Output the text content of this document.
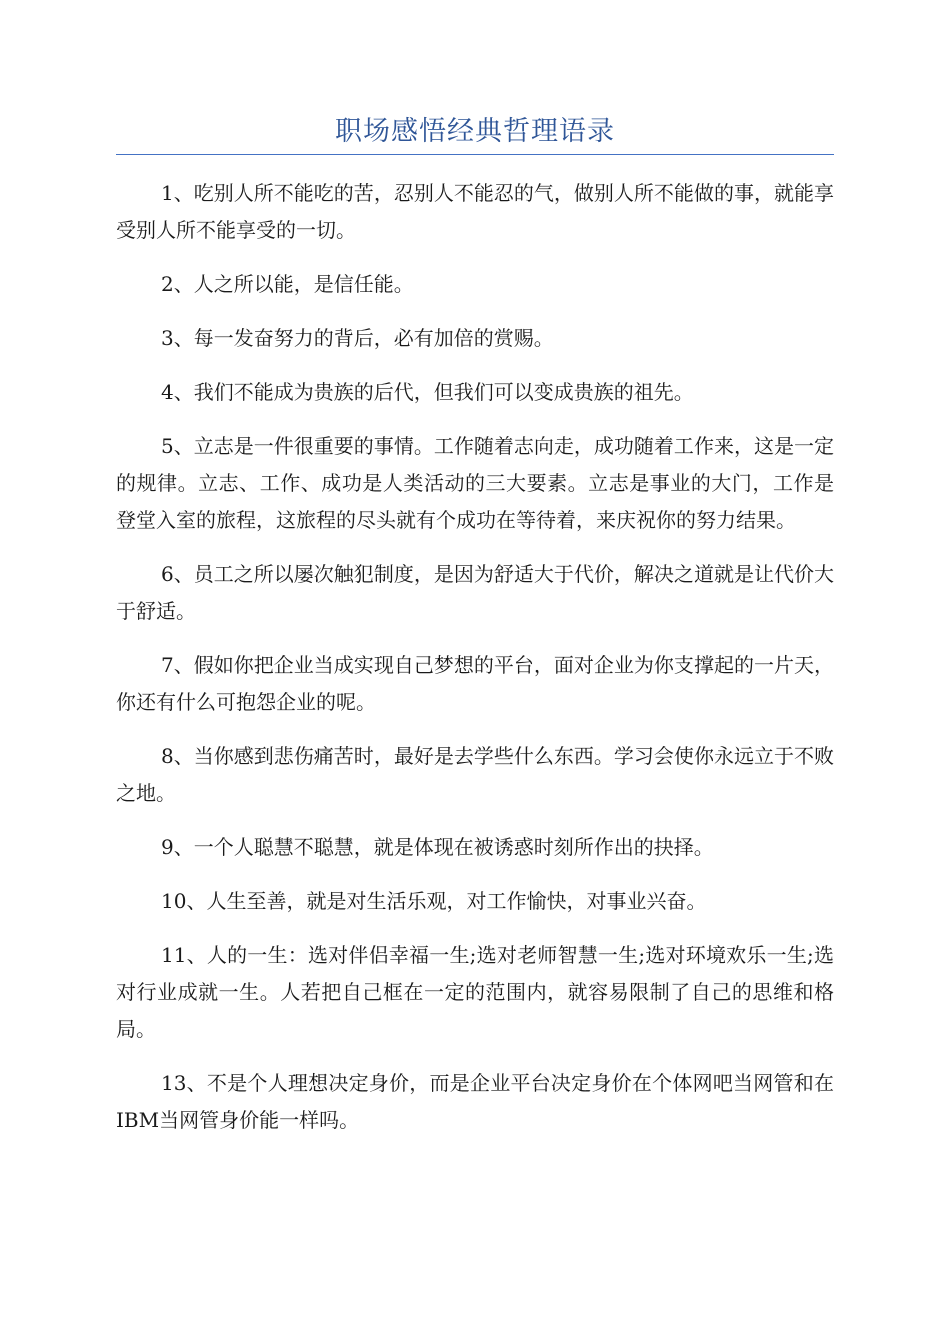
职场感悟经典哲理语录

1、吃别人所不能吃的苦，忍别人不能忍的气，做别人所不能做的事，就能享受别人所不能享受的一切。

2、人之所以能，是信任能。

3、每一发奋努力的背后，必有加倍的赏赐。

4、我们不能成为贵族的后代，但我们可以变成贵族的祖先。

5、立志是一件很重要的事情。工作随着志向走，成功随着工作来，这是一定的规律。立志、工作、成功是人类活动的三大要素。立志是事业的大门，工作是登堂入室的旅程，这旅程的尽头就有个成功在等待着，来庆祝你的努力结果。

6、员工之所以屡次触犯制度，是因为舒适大于代价，解决之道就是让代价大于舒适。

7、假如你把企业当成实现自己梦想的平台，面对企业为你支撑起的一片天，你还有什么可抱怨企业的呢。

8、当你感到悲伤痛苦时，最好是去学些什么东西。学习会使你永远立于不败之地。

9、一个人聪慧不聪慧，就是体现在被诱惑时刻所作出的抉择。

10、人生至善，就是对生活乐观，对工作愉快，对事业兴奋。

11、人的一生：选对伴侣幸福一生;选对老师智慧一生;选对环境欢乐一生;选对行业成就一生。人若把自己框在一定的范围内，就容易限制了自己的思维和格局。

13、不是个人理想决定身价，而是企业平台决定身价在个体网吧当网管和在IBM当网管身价能一样吗。
